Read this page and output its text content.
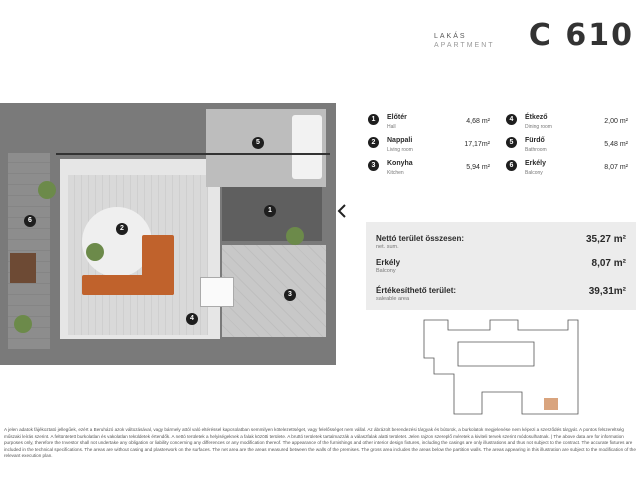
LAKÁS
APARTMENT C 610
1
2
3
4
5
6
1	Előtér
Hall
4,68 m²
2	Nappali
Living room
17,17m²
3	Konyha
Kitchen
5,94 m²
4	Étkező
Dining room
2,00 m²
5	Fürdő
Bathroom
5,48 m²
6	Erkély
Balcony
8,07 m²
Nettó terület összesen:
net. sum.
35,27 m²
Erkély
Balcony
8,07 m²
Értékesíthető terület:
saleable area
39,31m²
A jelen adatok fájékoztató jellegűek, ezért a Beruházó azok változásával, vagy bármely attól való eltéréssel kapcsolatban semmilyen kötelezettséget, vagy felelősséget nem vállal. Az ábrázolt berendezési tárgyak és bútorok, a burkolatok megjelenése nem képezi a szerződés tárgyát. A pontos felszereltség műszaki leírás szerint. A feltüntetett burkolatlan és vakolatlan teküldetek értendők. A nettó területek a helyiségeknek a falak közötti területe. A bruttó területek tartalmazzák a válaszfalak alatti területet. Jelen rajzon szereplő méretek a kiviteli tervek szerint módosulhatnak. | The above data are for information purposes only, therefore the Investor shall not undertake any obligation or liability concerning any differences or any modification thereof. The appearance of the furnishings and other interior design fixtures, including the casings are only illustrations and thus not subject to the contract. The accurate fixtures are included in the technical specifications. The areas are without casing and plasterwork on the surfaces. The net area are the areas measured between the walls of the premises. The gross area includes the areas below the partition walls. The areas appearing in this illustration are subject to the modification of the relevant execution plan.
